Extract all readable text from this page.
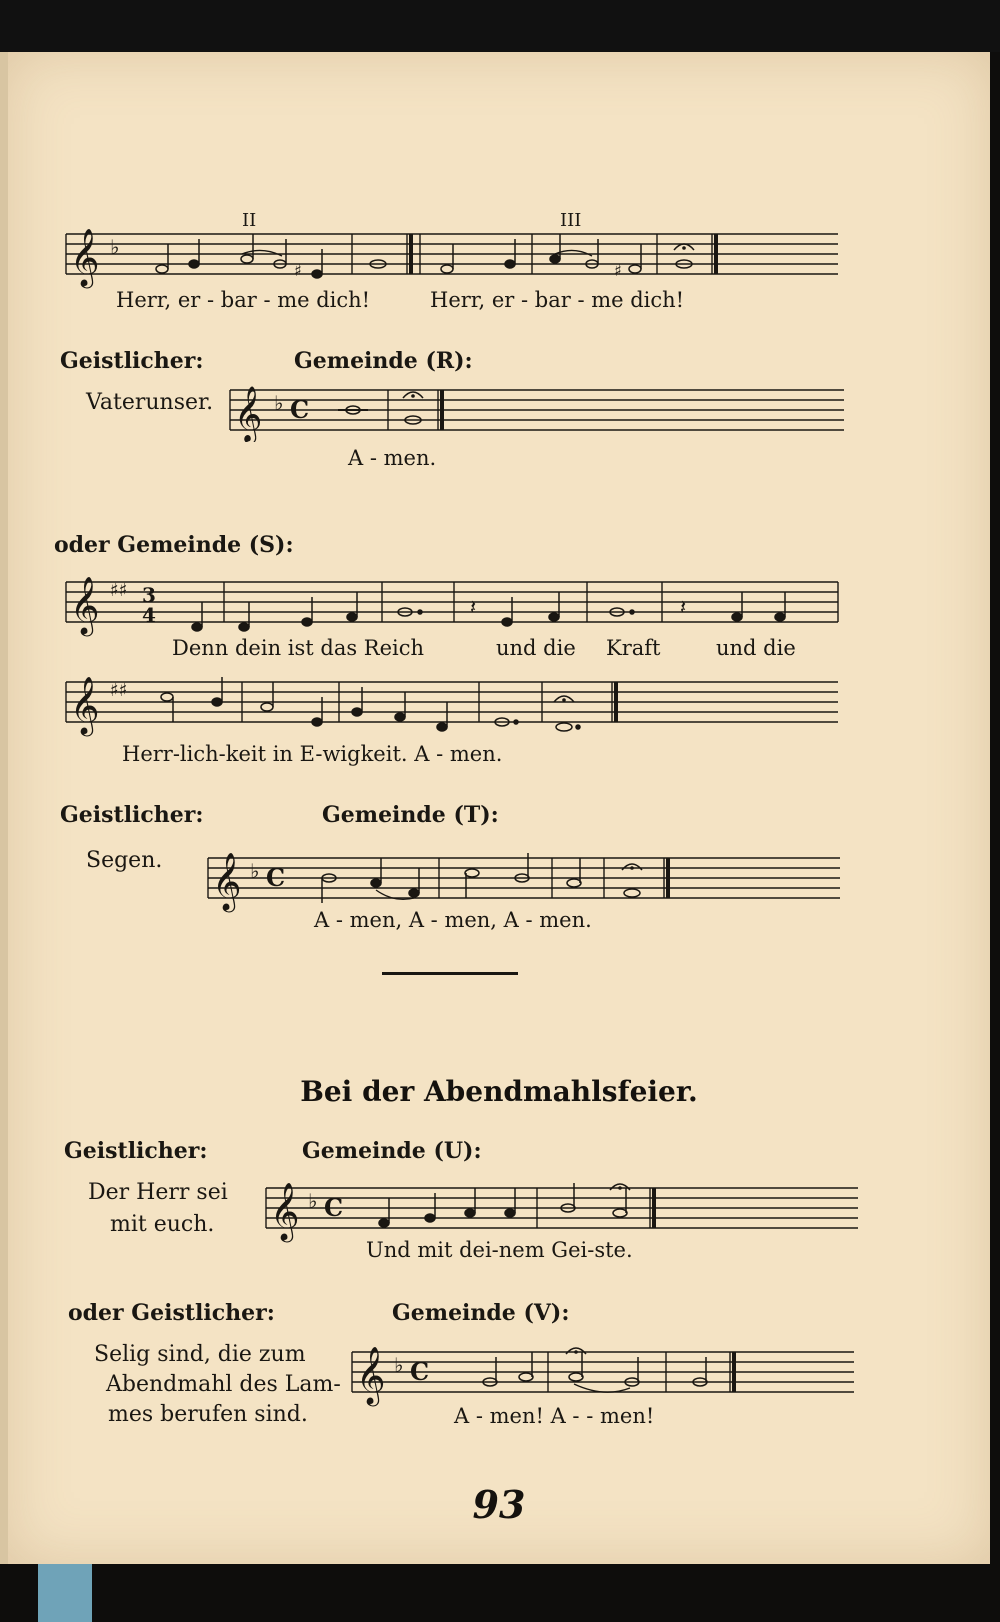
II	III
𝄞 ♭
♯	♯
Herr, er - bar - me dich!	Herr, er - bar - me dich!
Geistlicher:	Gemeinde (R):
Vaterunser. 𝄞 ♭ C
A - men.
oder Gemeinde (S):
𝄞 ♯♯ 3
4	𝄽	𝄽
Denn dein ist das Reich	und die Kraft	und die
𝄞 ♯♯
Herr-lich-keit in E-wigkeit. A - men.
Geistlicher:	Gemeinde (T):
Segen. 𝄞 ♭ C
A - men, A - men, A - men.
Bei der Abendmahlsfeier.
Geistlicher:	Gemeinde (U):
Der Herr sei
mit euch. 𝄞 ♭ C
Und mit dei-nem Gei-ste.
oder Geistlicher:	Gemeinde (V):
Selig sind, die zum
Abendmahl des Lam-
mes berufen sind.
𝄞 ♭ C
A - men! A - - men!
93
